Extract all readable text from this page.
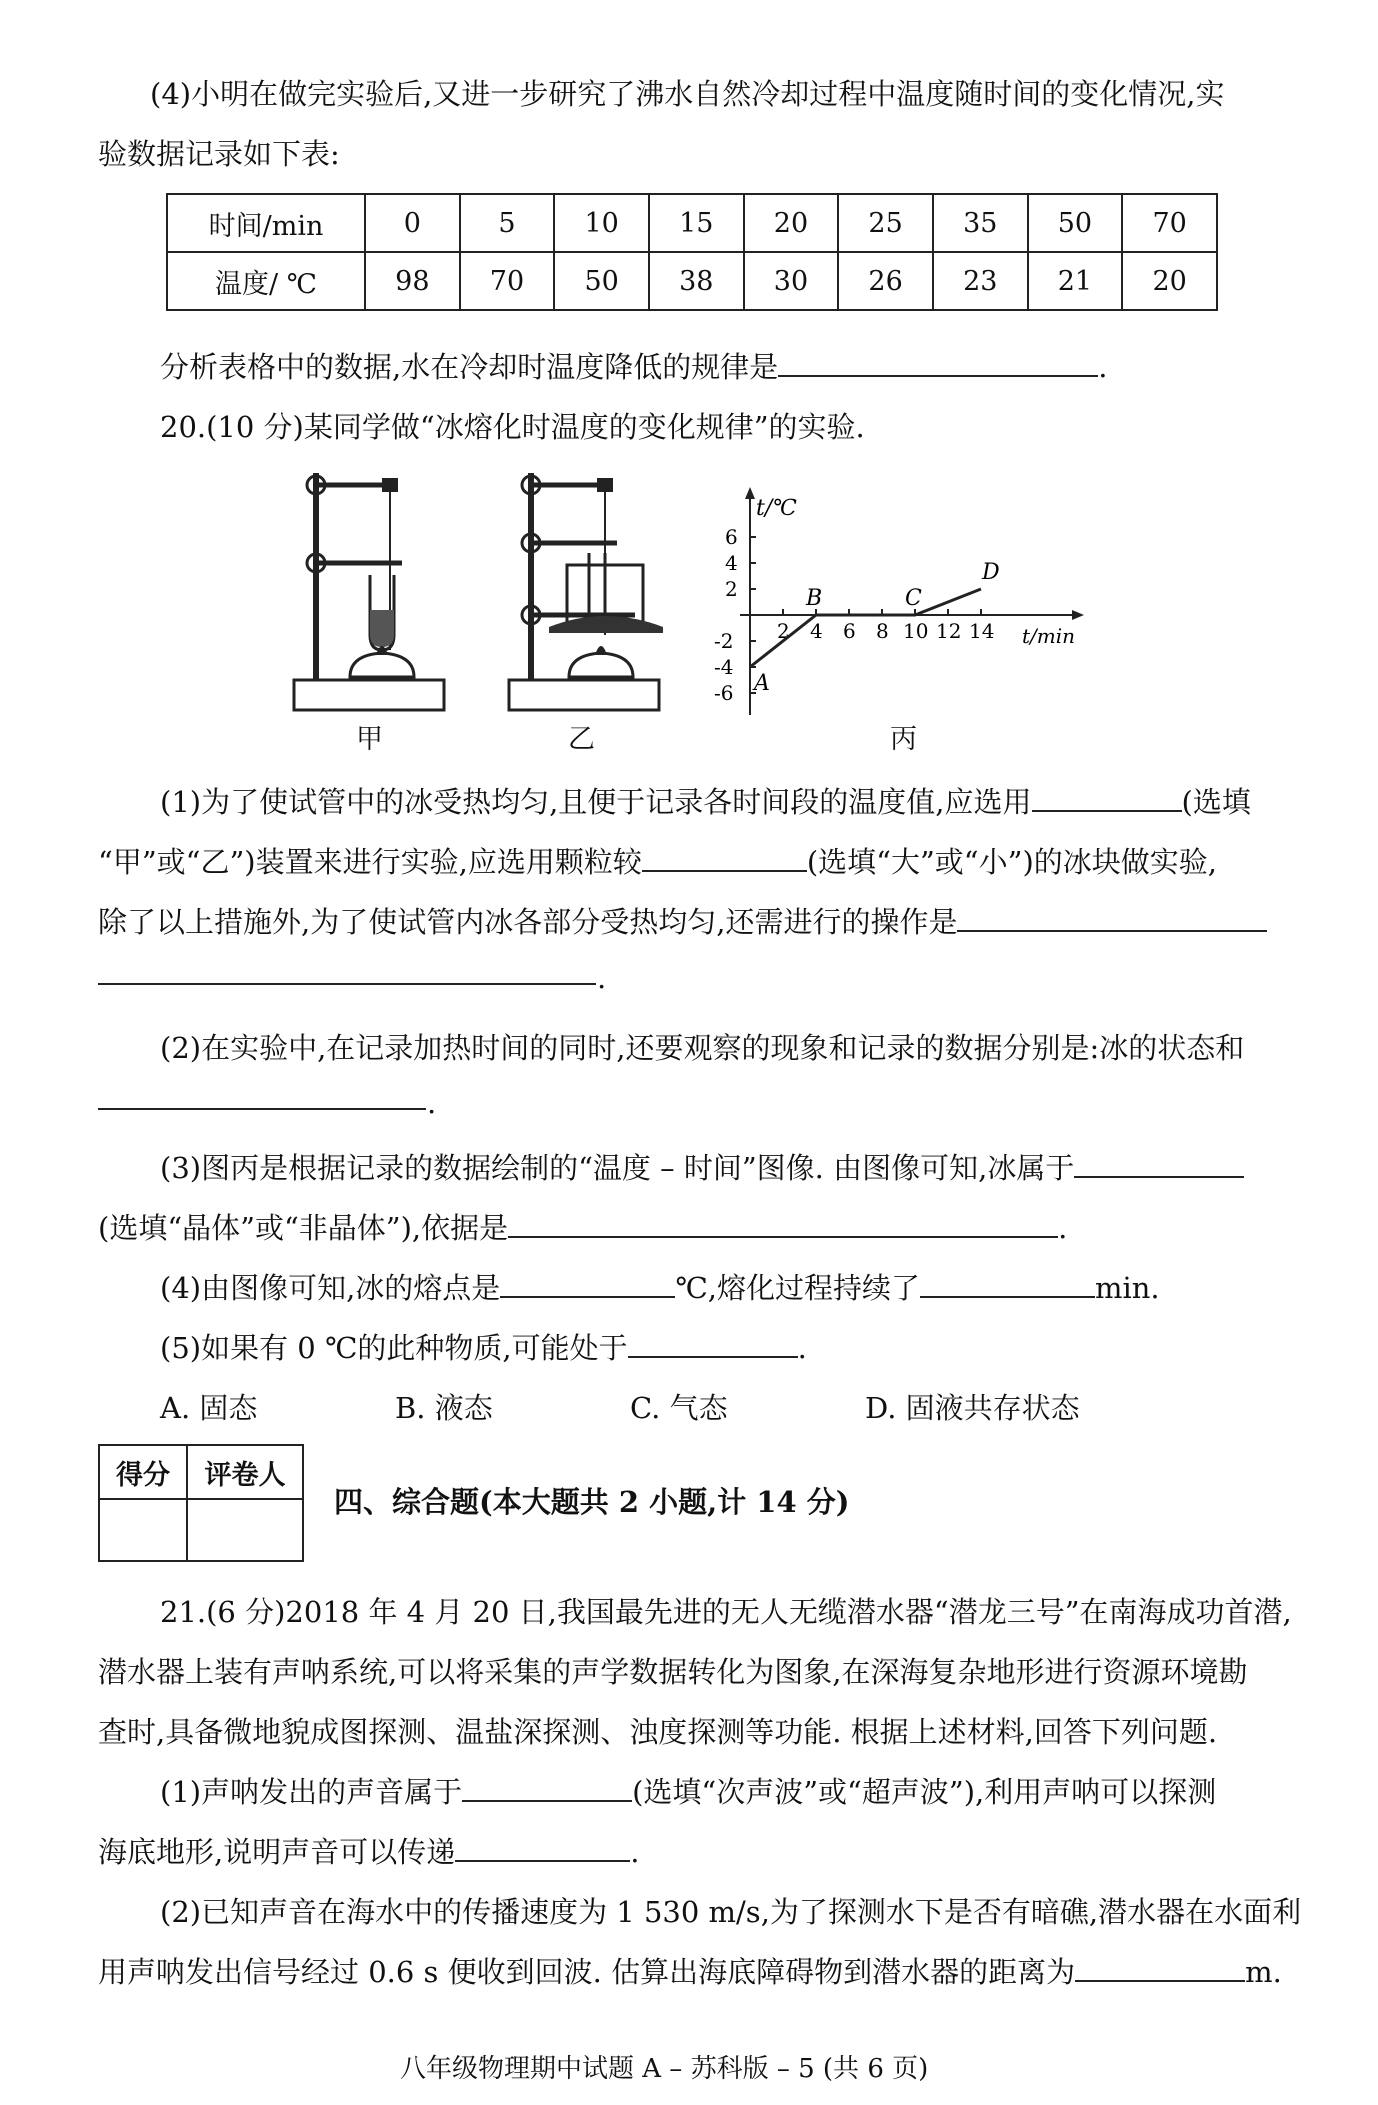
(4)小明在做完实验后,又进一步研究了沸水自然冷却过程中温度随时间的变化情况,实
验数据记录如下表:
时间/min	0	5	10	15	20	25	35	50	70
温度/ ℃	98	70	50	38	30	26	23	21	20
分析表格中的数据,水在冷却时温度降低的规律是	.
20.(10 分)某同学做“冰熔化时温度的变化规律”的实验.
甲	乙
t/℃
t/min
6
4
2
-2
-4
-6
2 4 6 8 10 12 14
A
B	C
D
丙
(1)为了使试管中的冰受热均匀,且便于记录各时间段的温度值,应选用	(选填
“甲”或“乙”)装置来进行实验,应选用颗粒较	(选填“大”或“小”)的冰块做实验,
除了以上措施外,为了使试管内冰各部分受热均匀,还需进行的操作是
.
(2)在实验中,在记录加热时间的同时,还要观察的现象和记录的数据分别是:冰的状态和
.
(3)图丙是根据记录的数据绘制的“温度 – 时间”图像. 由图像可知,冰属于
(选填“晶体”或“非晶体”),依据是	.
(4)由图像可知,冰的熔点是	℃,熔化过程持续了	min.
(5)如果有 0 ℃的此种物质,可能处于	.
A. 固态	B. 液态	C. 气态	D. 固液共存状态
得分	评卷人

四、综合题(本大题共 2 小题,计 14 分)
21.(6 分)2018 年 4 月 20 日,我国最先进的无人无缆潜水器“潜龙三号”在南海成功首潜,
潜水器上装有声呐系统,可以将采集的声学数据转化为图象,在深海复杂地形进行资源环境勘
查时,具备微地貌成图探测、温盐深探测、浊度探测等功能. 根据上述材料,回答下列问题.
(1)声呐发出的声音属于	(选填“次声波”或“超声波”),利用声呐可以探测
海底地形,说明声音可以传递	.
(2)已知声音在海水中的传播速度为 1 530 m/s,为了探测水下是否有暗礁,潜水器在水面利
用声呐发出信号经过 0.6 s 便收到回波. 估算出海底障碍物到潜水器的距离为	m.
八年级物理期中试题 A – 苏科版 – 5 (共 6 页)
